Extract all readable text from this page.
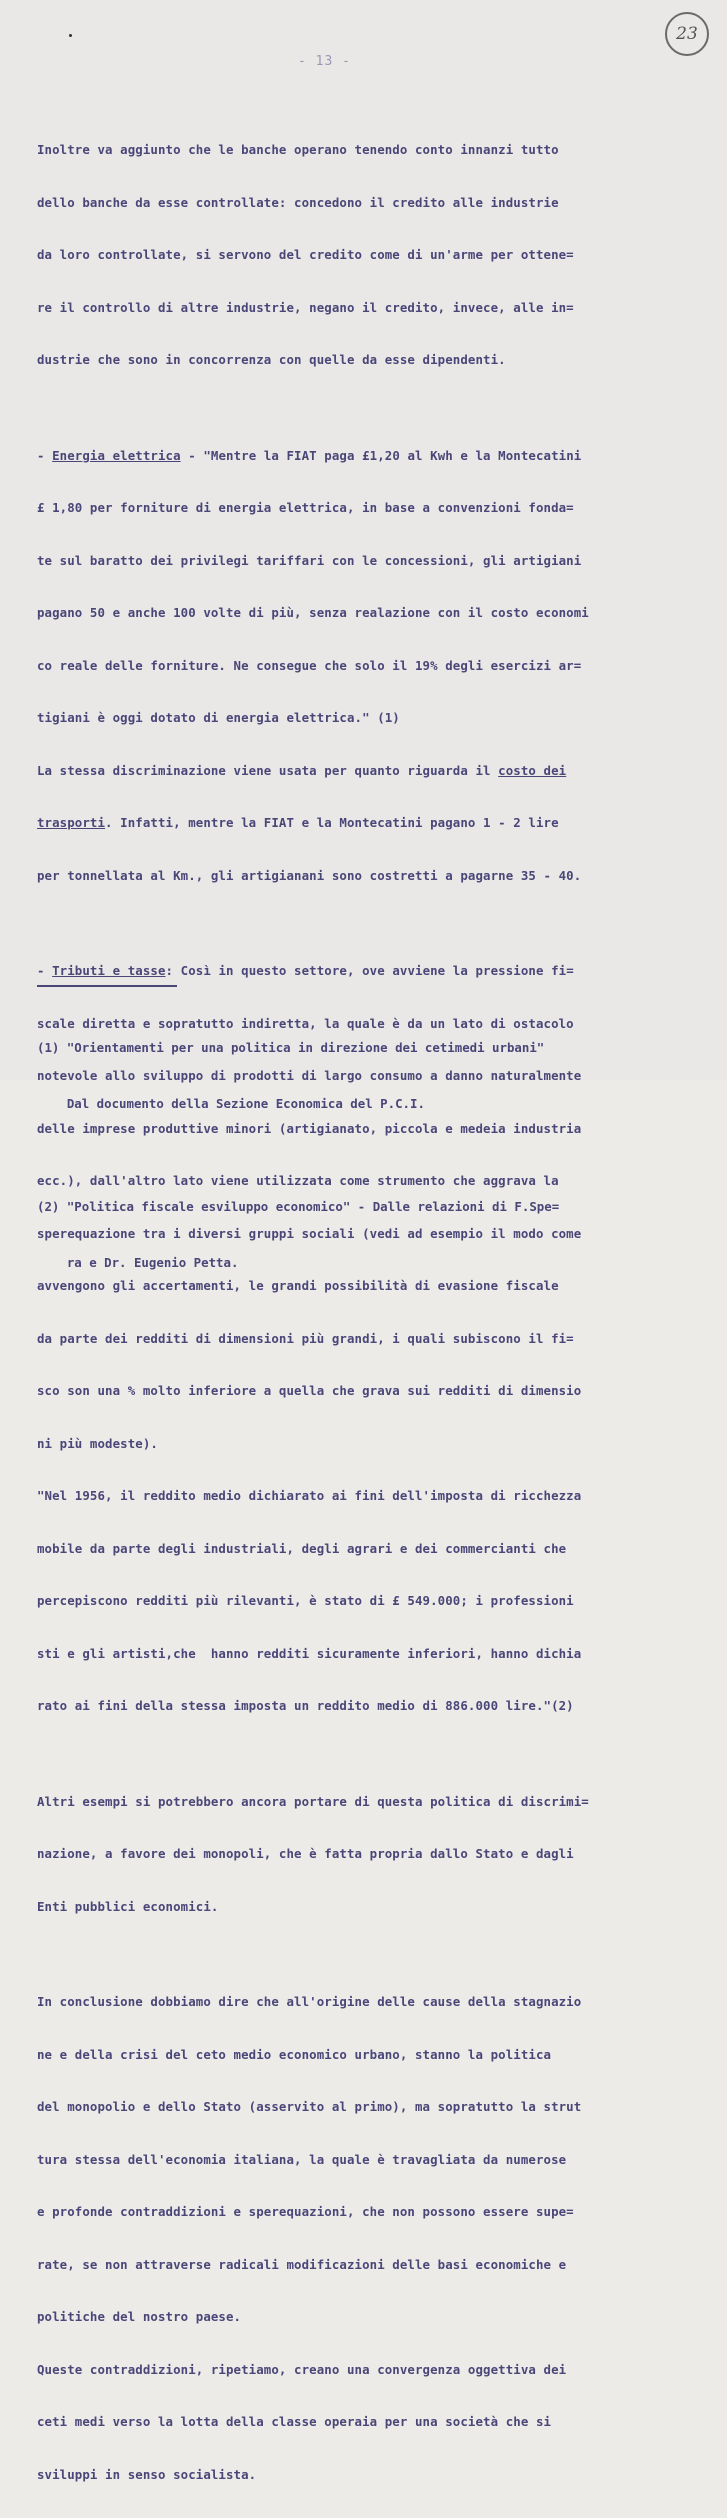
23
- 13 -

Inoltre va aggiunto che le banche operano tenendo conto innanzi tutto

dello banche da esse controllate: concedono il credito alle industrie

da loro controllate, si servono del credito come di un'arme per ottene=

re il controllo di altre industrie, negano il credito, invece, alle in=

dustrie che sono in concorrenza con quelle da esse dipendenti.

- Energia elettrica - "Mentre la FIAT paga £1,20 al Kwh e la Montecatini

£ 1,80 per forniture di energia elettrica, in base a convenzioni fonda=

te sul baratto dei privilegi tariffari con le concessioni, gli artigiani

pagano 50 e anche 100 volte di più, senza realazione con il costo economi

co reale delle forniture. Ne consegue che solo il 19% degli esercizi ar=

tigiani è oggi dotato di energia elettrica." (1)

La stessa discriminazione viene usata per quanto riguarda il costo dei

trasporti. Infatti, mentre la FIAT e la Montecatini pagano 1 - 2 lire

per tonnellata al Km., gli artigianani sono costretti a pagarne 35 - 40.

- Tributi e tasse: Così in questo settore, ove avviene la pressione fi=

scale diretta e sopratutto indiretta, la quale è da un lato di ostacolo

notevole allo sviluppo di prodotti di largo consumo a danno naturalmente

delle imprese produttive minori (artigianato, piccola e medeia industria

ecc.), dall'altro lato viene utilizzata come strumento che aggrava la

sperequazione tra i diversi gruppi sociali (vedi ad esempio il modo come

avvengono gli accertamenti, le grandi possibilità di evasione fiscale

da parte dei redditi di dimensioni più grandi, i quali subiscono il fi=

sco son una % molto inferiore a quella che grava sui redditi di dimensio

ni più modeste).

"Nel 1956, il reddito medio dichiarato ai fini dell'imposta di ricchezza

mobile da parte degli industriali, degli agrari e dei commercianti che

percepiscono redditi più rilevanti, è stato di £ 549.000; i professioni

sti e gli artisti,che  hanno redditi sicuramente inferiori, hanno dichia

rato ai fini della stessa imposta un reddito medio di 886.000 lire."(2)

Altri esempi si potrebbero ancora portare di questa politica di discrimi=

nazione, a favore dei monopoli, che è fatta propria dallo Stato e dagli

Enti pubblici economici.

In conclusione dobbiamo dire che all'origine delle cause della stagnazio

ne e della crisi del ceto medio economico urbano, stanno la politica

del monopolio e dello Stato (asservito al primo), ma sopratutto la strut

tura stessa dell'economia italiana, la quale è travagliata da numerose

e profonde contraddizioni e sperequazioni, che non possono essere supe=

rate, se non attraverse radicali modificazioni delle basi economiche e

politiche del nostro paese.

Queste contraddizioni, ripetiamo, creano una convergenza oggettiva dei

ceti medi verso la lotta della classe operaia per una società che si

sviluppi in senso socialista.

(1) "Orientamenti per una politica in direzione dei cetimedi urbani"

Dal documento della Sezione Economica del P.C.I.

(2) "Politica fiscale esviluppo economico" - Dalle relazioni di F.Spe=

ra e Dr. Eugenio Petta.
